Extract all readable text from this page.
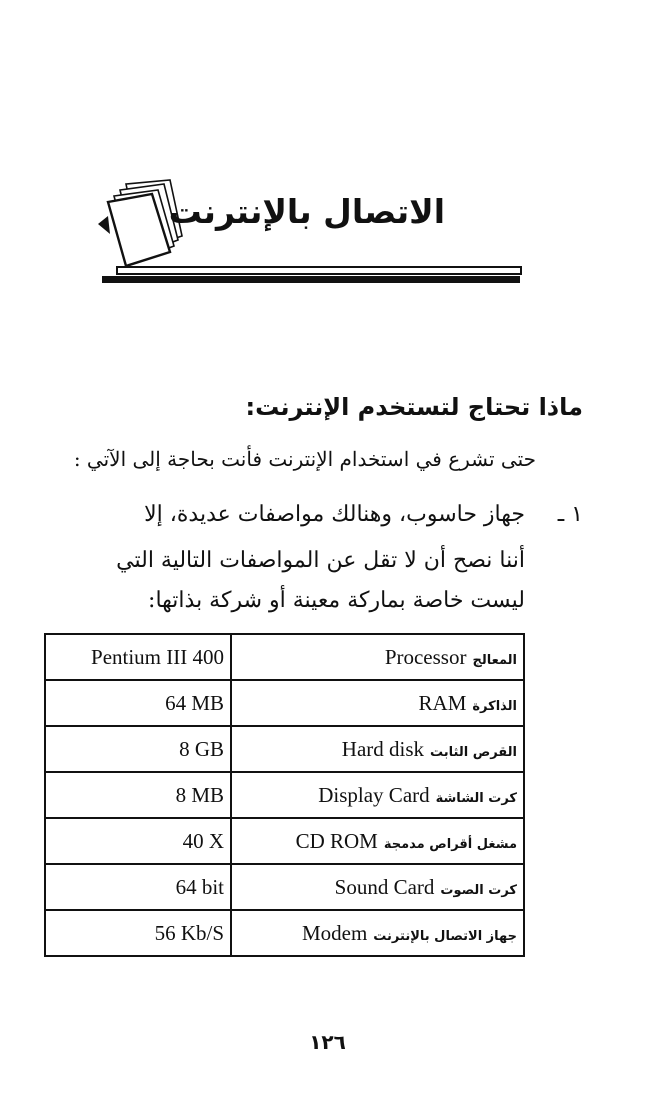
الاتصال بالإنترنت
ماذا تحتاج لتستخدم الإنترنت:
حتى تشرع في استخدام الإنترنت فأنت بحاجة إلى الآتي :
١ ـ
جهاز حاسوب، وهنالك مواصفات عديدة، إلا
أننا نصح أن لا تقل عن المواصفات التالية التي
ليست خاصة بماركة معينة أو شركة بذاتها:
Pentium III 400	Processor المعالج
64 MB	RAM الذاكرة
8 GB	Hard disk القرص الثابت
8 MB	Display Card كرت الشاشة
40 X	CD ROM مشغل أقراص مدمجة
64 bit	Sound Card كرت الصوت
56 Kb/S	Modem جهاز الاتصال بالإنترنت
١٢٦
